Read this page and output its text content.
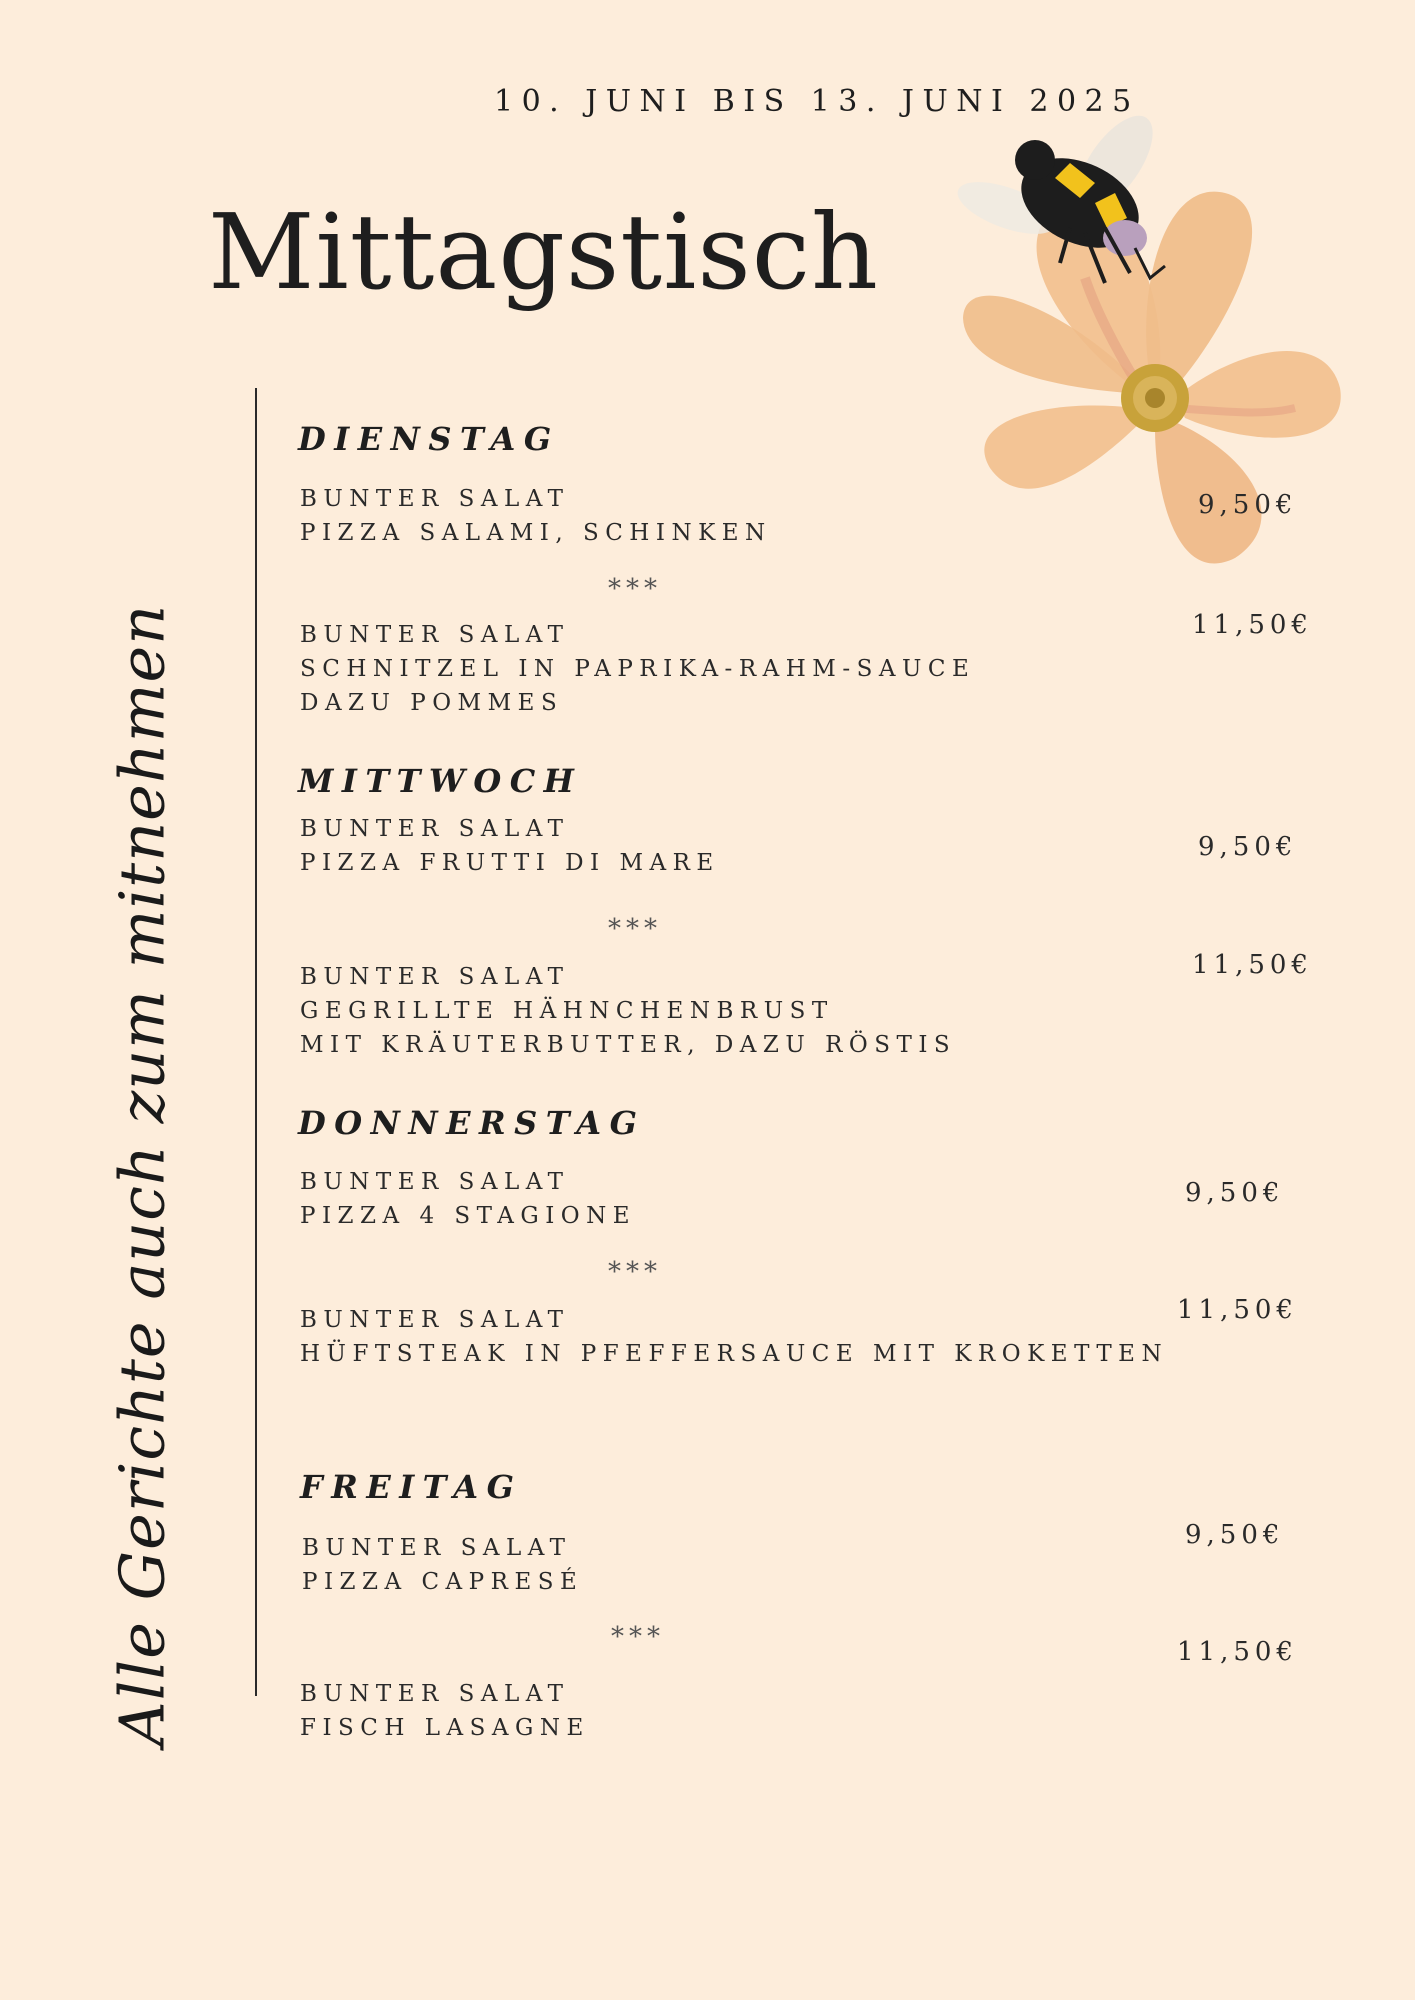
10. JUNI BIS 13. JUNI 2025
Mittagstisch
Alle Gerichte auch zum mitnehmen
DIENSTAG
BUNTER SALAT
PIZZA SALAMI, SCHINKEN
9,50€
***
BUNTER SALAT
SCHNITZEL IN PAPRIKA-RAHM-SAUCE
DAZU POMMES
11,50€
MITTWOCH
BUNTER SALAT
PIZZA FRUTTI DI MARE
9,50€
***
BUNTER SALAT
GEGRILLTE HÄHNCHENBRUST
MIT KRÄUTERBUTTER, DAZU RÖSTIS
11,50€
DONNERSTAG
BUNTER SALAT
PIZZA 4 STAGIONE
9,50€
***
BUNTER SALAT
HÜFTSTEAK IN PFEFFERSAUCE MIT KROKETTEN
11,50€
FREITAG
BUNTER SALAT
PIZZA CAPRESÉ
9,50€
***
BUNTER SALAT
FISCH LASAGNE
11,50€
